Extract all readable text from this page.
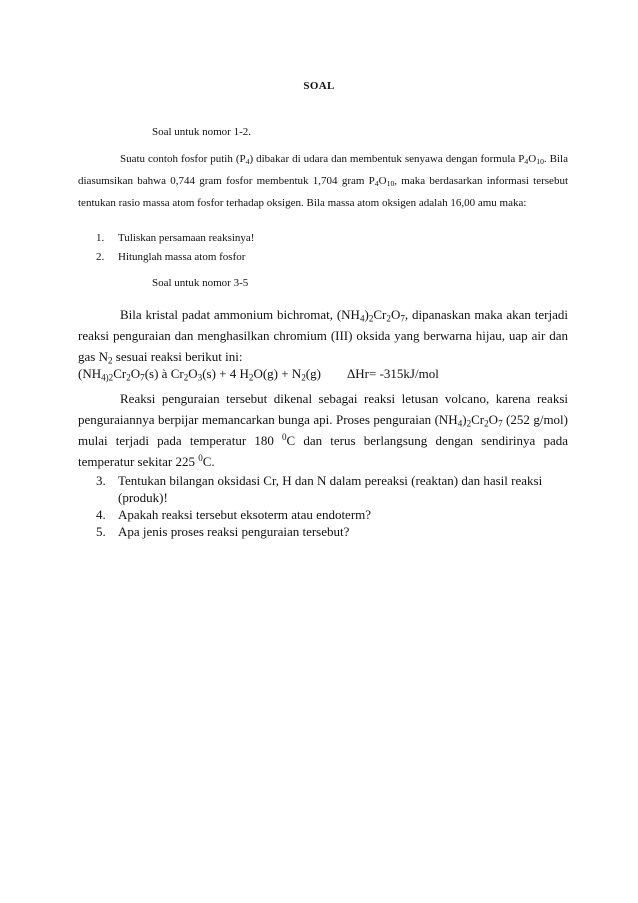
SOAL
Soal untuk nomor 1-2.
Suatu contoh fosfor putih $(P_4)$ dibakar di udara dan membentuk senyawa dengan formula $P_4O_{10}$. Bila diasumsikan bahwa 0,744 gram fosfor membentuk 1,704 gram $P_4O_{10}$, maka berdasarkan informasi tersebut tentukan rasio massa atom fosfor terhadap oksigen. Bila massa atom oksigen adalah 16,00 amu maka:
1.	Tuliskan persamaan reaksinya!
2.	Hitunglah massa atom fosfor
Soal untuk nomor 3-5
Bila kristal padat ammonium bichromat, $(NH_4)_2Cr_2O_7$, dipanaskan maka akan terjadi reaksi penguraian dan menghasilkan chromium (III) oksida yang berwarna hijau, uap air dan gas $N_2$ sesuai reaksi berikut ini:
($NH_{4)2}Cr_2O_7(s)$ à $Cr_2O_3(s) + 4$ $H_2O(g) + N_2(g)$ ΔHr= -315kJ/mol
Reaksi penguraian tersebut dikenal sebagai reaksi letusan volcano, karena reaksi penguraiannya berpijar memancarkan bunga api. Proses penguraian $(NH_4)_2Cr_2O_7$ (252 g/mol) mulai terjadi pada temperatur 180 $^0$C dan terus berlangsung dengan sendirinya pada temperatur sekitar 225 $^0$C.
3. Tentukan bilangan oksidasi Cr, H dan N dalam pereaksi (reaktan) dan hasil reaksi (produk)!
4. Apakah reaksi tersebut eksoterm atau endoterm?
5. Apa jenis proses reaksi penguraian tersebut?
